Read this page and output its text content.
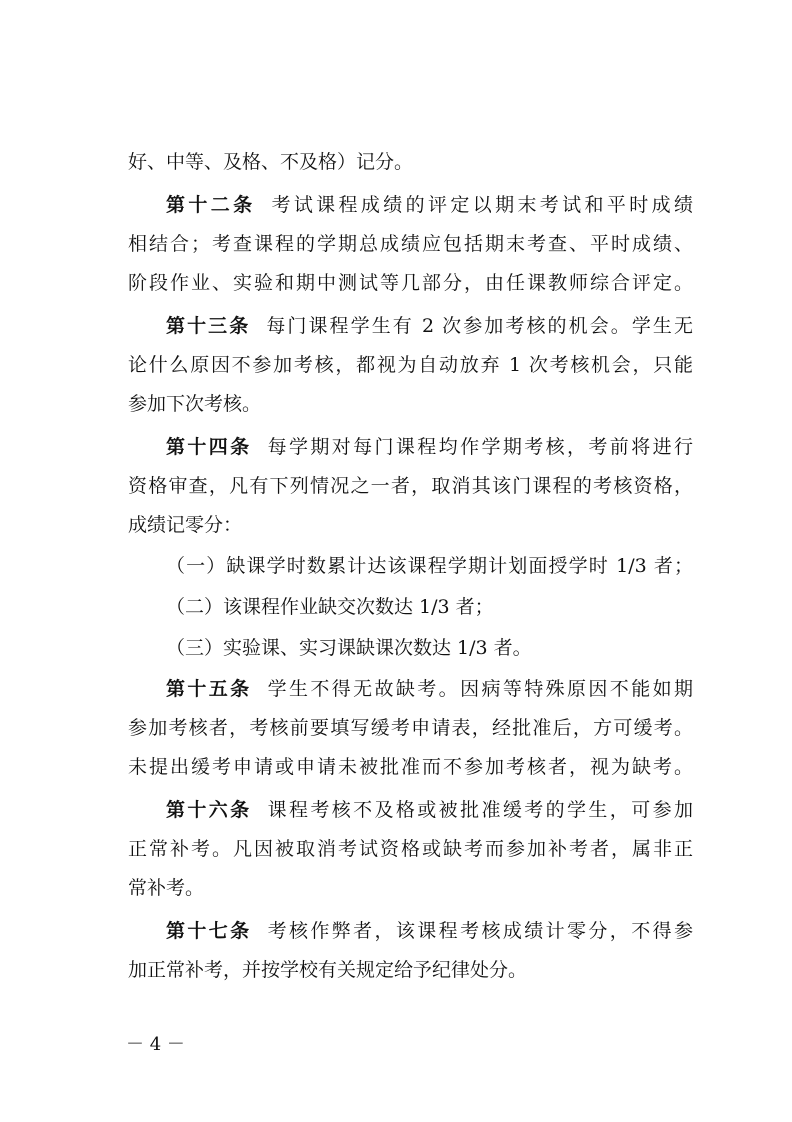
好、中等、及格、不及格）记分。
第十二条 考试课程成绩的评定以期末考试和平时成绩
相结合；考查课程的学期总成绩应包括期末考查、平时成绩、
阶段作业、实验和期中测试等几部分，由任课教师综合评定。
第十三条 每门课程学生有 2 次参加考核的机会。学生无
论什么原因不参加考核，都视为自动放弃 1 次考核机会，只能
参加下次考核。
第十四条 每学期对每门课程均作学期考核，考前将进行
资格审查，凡有下列情况之一者，取消其该门课程的考核资格，
成绩记零分：
（一）缺课学时数累计达该课程学期计划面授学时 1/3 者；
（二）该课程作业缺交次数达 1/3 者；
（三）实验课、实习课缺课次数达 1/3 者。
第十五条 学生不得无故缺考。因病等特殊原因不能如期
参加考核者，考核前要填写缓考申请表，经批准后，方可缓考。
未提出缓考申请或申请未被批准而不参加考核者，视为缺考。
第十六条 课程考核不及格或被批准缓考的学生，可参加
正常补考。凡因被取消考试资格或缺考而参加补考者，属非正
常补考。
第十七条 考核作弊者，该课程考核成绩计零分，不得参
加正常补考，并按学校有关规定给予纪律处分。
－ 4 －
